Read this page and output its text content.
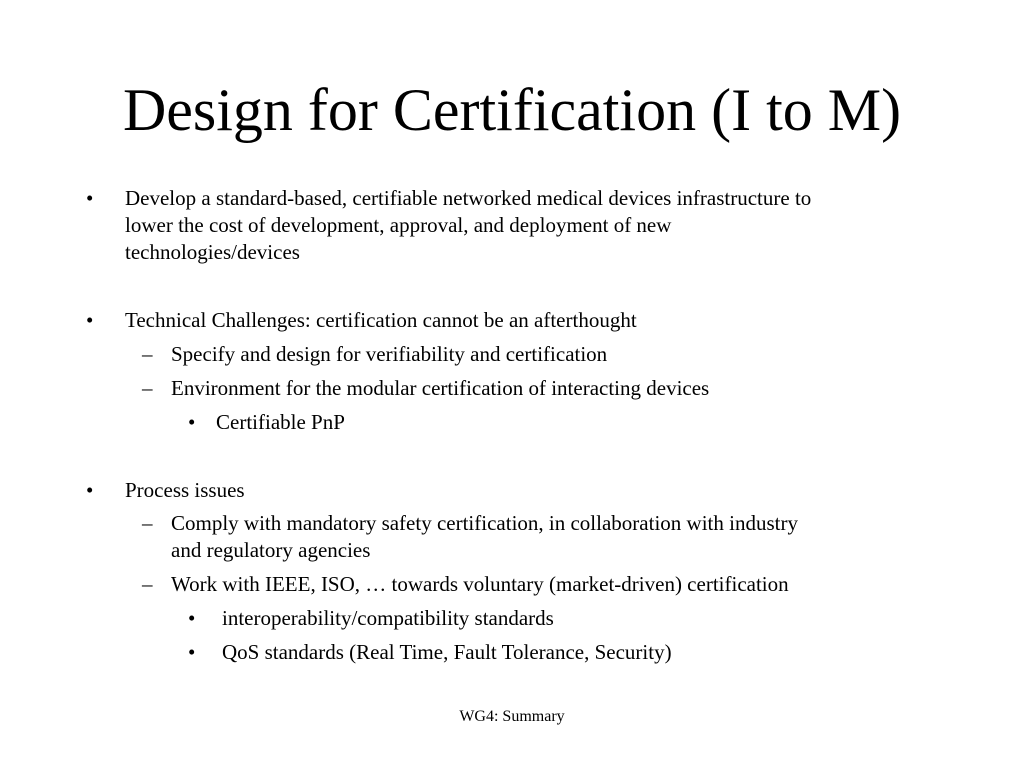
Design for Certification (I to M)
• Develop a standard-based, certifiable networked medical devices infrastructure to
lower the cost of development, approval, and deployment of new
technologies/devices
• Technical Challenges: certification cannot be an afterthought
– Specify and design for verifiability and certification
– Environment for the modular certification of interacting devices
• Certifiable PnP
• Process issues
– Comply with mandatory safety certification, in collaboration with industry
and regulatory agencies
– Work with IEEE, ISO, … towards voluntary (market-driven) certification
• interoperability/compatibility standards
• QoS standards (Real Time, Fault Tolerance, Security)
WG4: Summary
